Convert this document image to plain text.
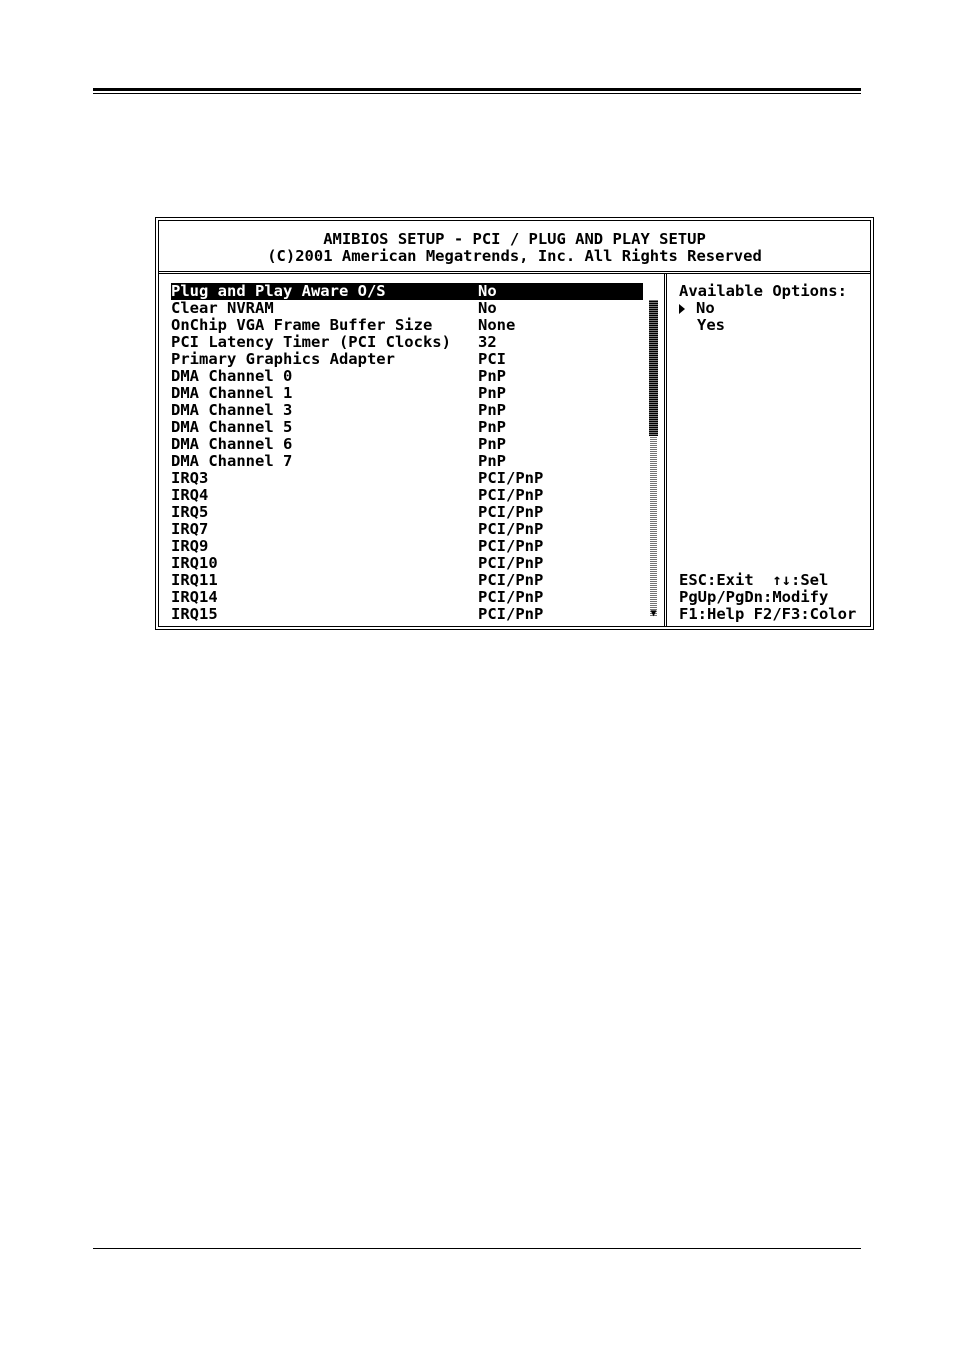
AMIBIOS SETUP - PCI / PLUG AND PLAY SETUP
(C)2001 American Megatrends, Inc. All Rights Reserved
Plug and Play Aware O/S	No
Clear NVRAM	No
OnChip VGA Frame Buffer Size	None
PCI Latency Timer (PCI Clocks) 32
Primary Graphics Adapter	PCI
DMA Channel 0	PnP
DMA Channel 1	PnP
DMA Channel 3	PnP
DMA Channel 5	PnP
DMA Channel 6	PnP
DMA Channel 7	PnP
IRQ3	PCI/PnP
IRQ4	PCI/PnP
IRQ5	PCI/PnP
IRQ7	PCI/PnP
IRQ9	PCI/PnP
IRQ10	PCI/PnP
IRQ11	PCI/PnP
IRQ14	PCI/PnP
IRQ15	PCI/PnP	▼
Available Options:
No
Yes
ESC:Exit  ↑↓:Sel
PgUp/PgDn:Modify
F1:Help F2/F3:Color
